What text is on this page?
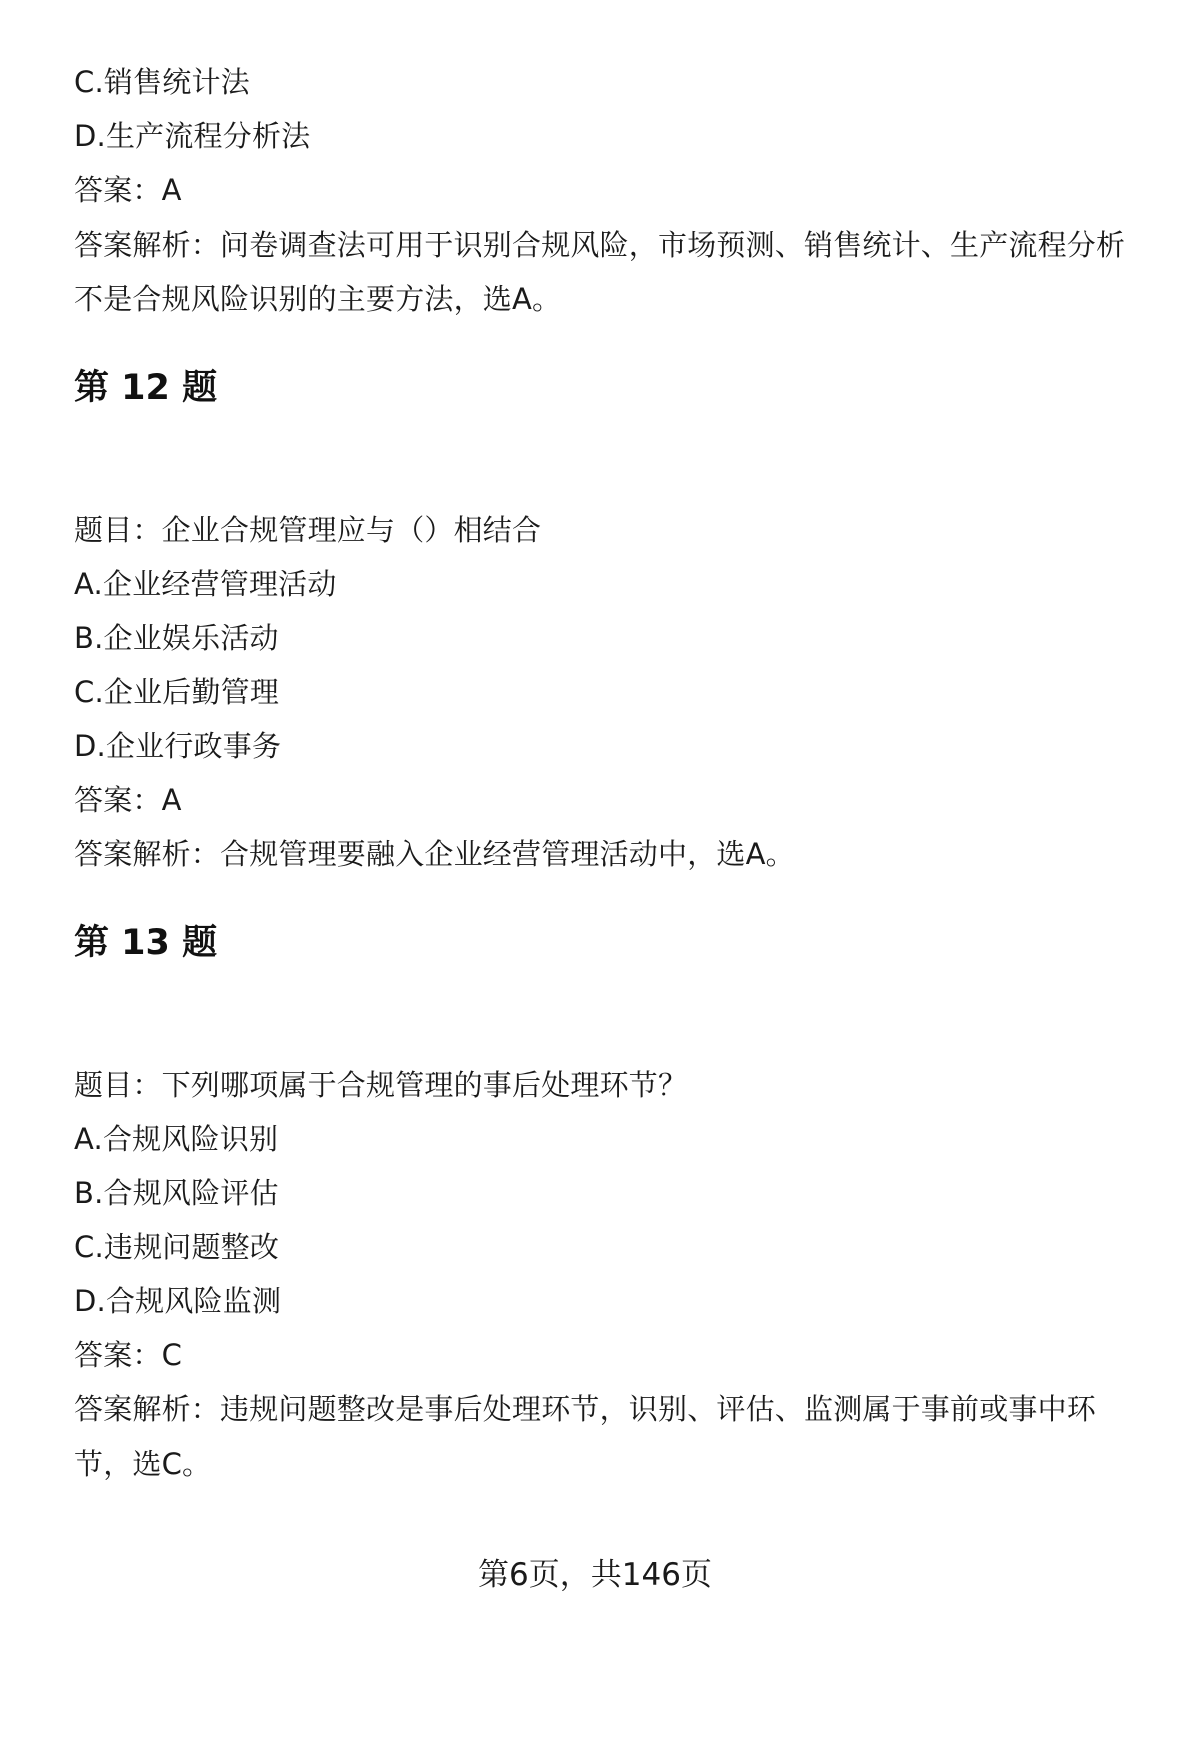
C.销售统计法
D.生产流程分析法
答案：A
答案解析：问卷调查法可用于识别合规风险，市场预测、销售统计、生产流程分析
不是合规风险识别的主要方法，选A。
第 12 题
题目：企业合规管理应与（）相结合
A.企业经营管理活动
B.企业娱乐活动
C.企业后勤管理
D.企业行政事务
答案：A
答案解析：合规管理要融入企业经营管理活动中，选A。
第 13 题
题目：下列哪项属于合规管理的事后处理环节？
A.合规风险识别
B.合规风险评估
C.违规问题整改
D.合规风险监测
答案：C
答案解析：违规问题整改是事后处理环节，识别、评估、监测属于事前或事中环
节，选C。
第6页，共146页
